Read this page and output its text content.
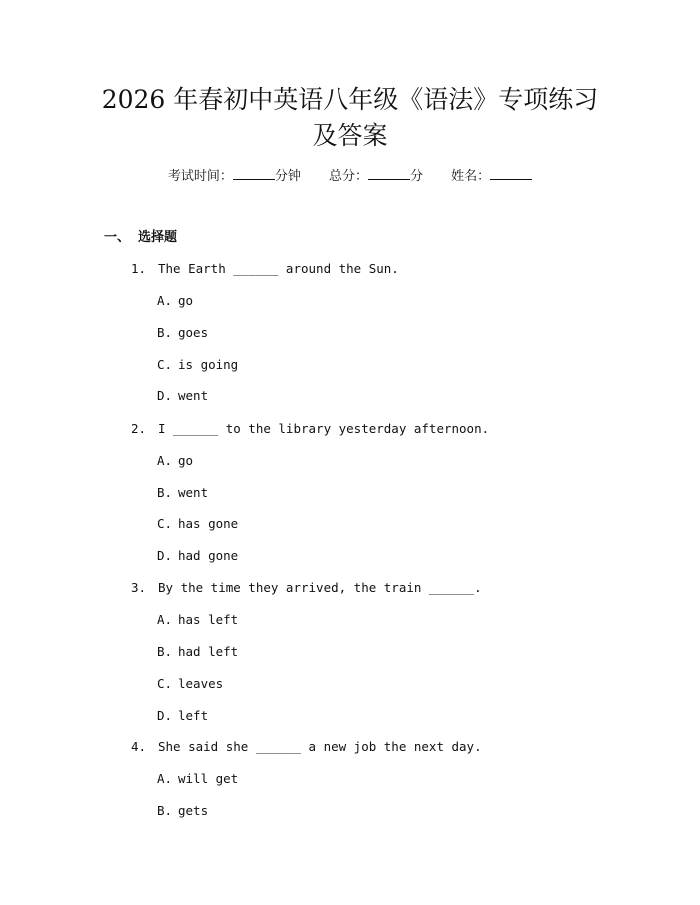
2026 年春初中英语八年级《语法》专项练习
及答案
考试时间：	分钟 总分：	分 姓名：
一、 选择题
1. The Earth ______ around the Sun.
A. go
B. goes
C. is going
D. went
2. I ______ to the library yesterday afternoon.
A. go
B. went
C. has gone
D. had gone
3. By the time they arrived, the train ______.
A. has left
B. had left
C. leaves
D. left
4. She said she ______ a new job the next day.
A. will get
B. gets
